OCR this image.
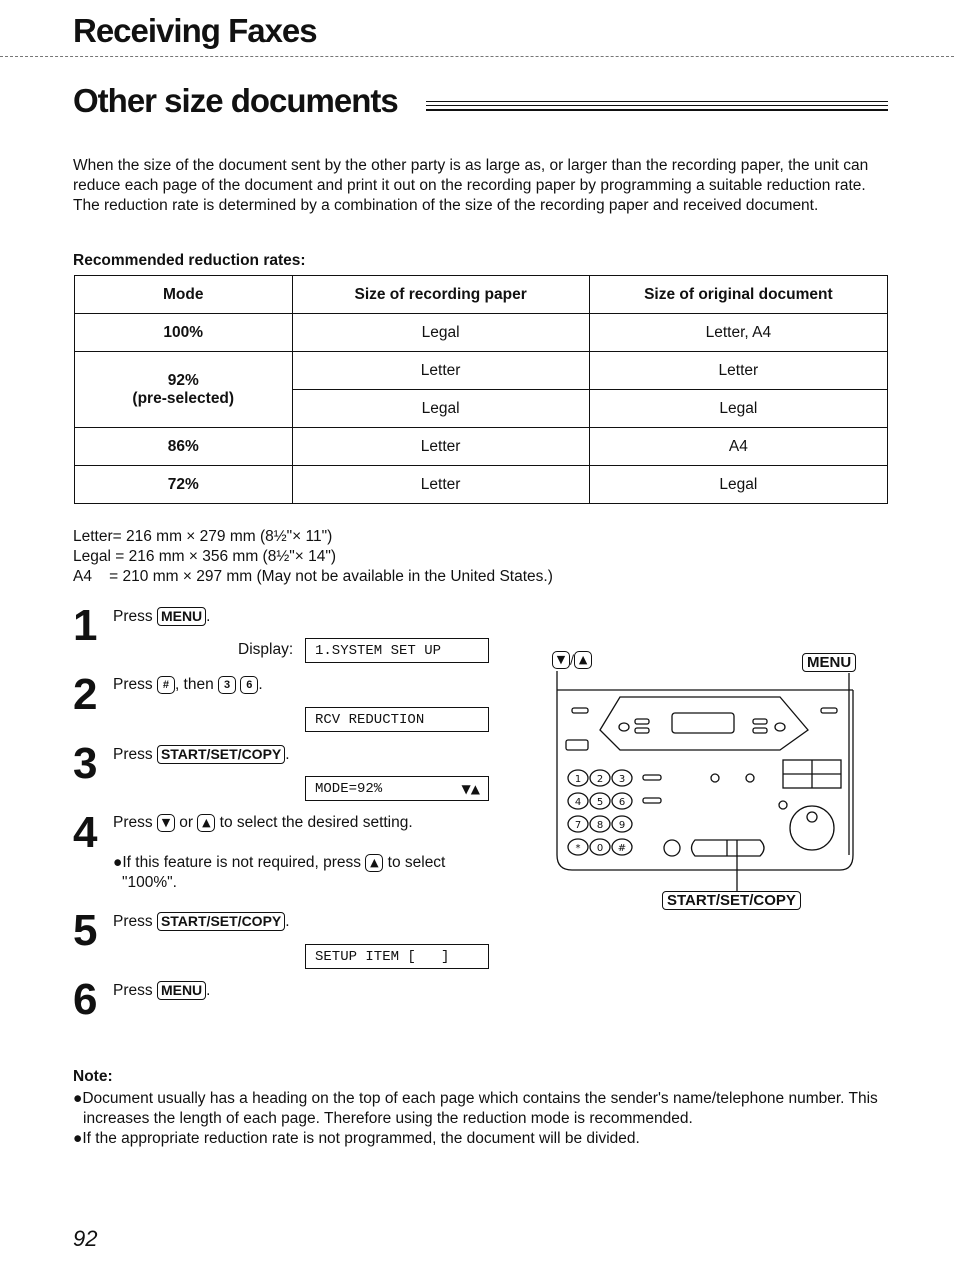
Receiving Faxes
Other size documents

When the size of the document sent by the other party is as large as, or larger than the recording paper, the unit can reduce each page of the document and print it out on the recording paper by programming a suitable reduction rate.

The reduction rate is determined by a combination of the size of the recording paper and received document.

Recommended reduction rates:
Mode	Size of recording paper	Size of original document
100%	Legal	Letter, A4

92%
(pre-selected)	Letter	Letter
	Legal	Legal
86%	Letter	A4
72%	Letter	Legal
Letter= 216 mm × 279 mm (8½"× 11")
Legal = 216 mm × 356 mm (8½"× 14")
A4    = 210 mm × 297 mm (May not be available in the United States.)
1 Press MENU .
Display:	1.SYSTEM SET UP
2 Press # , then 3 6 .
RCV REDUCTION
3 Press START/SET/COPY .
MODE=92%	▼▲
4 Press ▼ or ▲ to select the desired setting.
●If this feature is not required, press ▲ to select
"100%".
5 Press START/SET/COPY .
SETUP ITEM [   ]
6 Press MENU .
▼ / ▲	MENU
START/SET/COPY
1 2 3
4 5 6
7 8 9
* 0 #
Note:
●Document usually has a heading on the top of each page which contains the sender's name/telephone number. This increases the length of each page. Therefore using the reduction mode is recommended.
●If the appropriate reduction rate is not programmed, the document will be divided.
92
